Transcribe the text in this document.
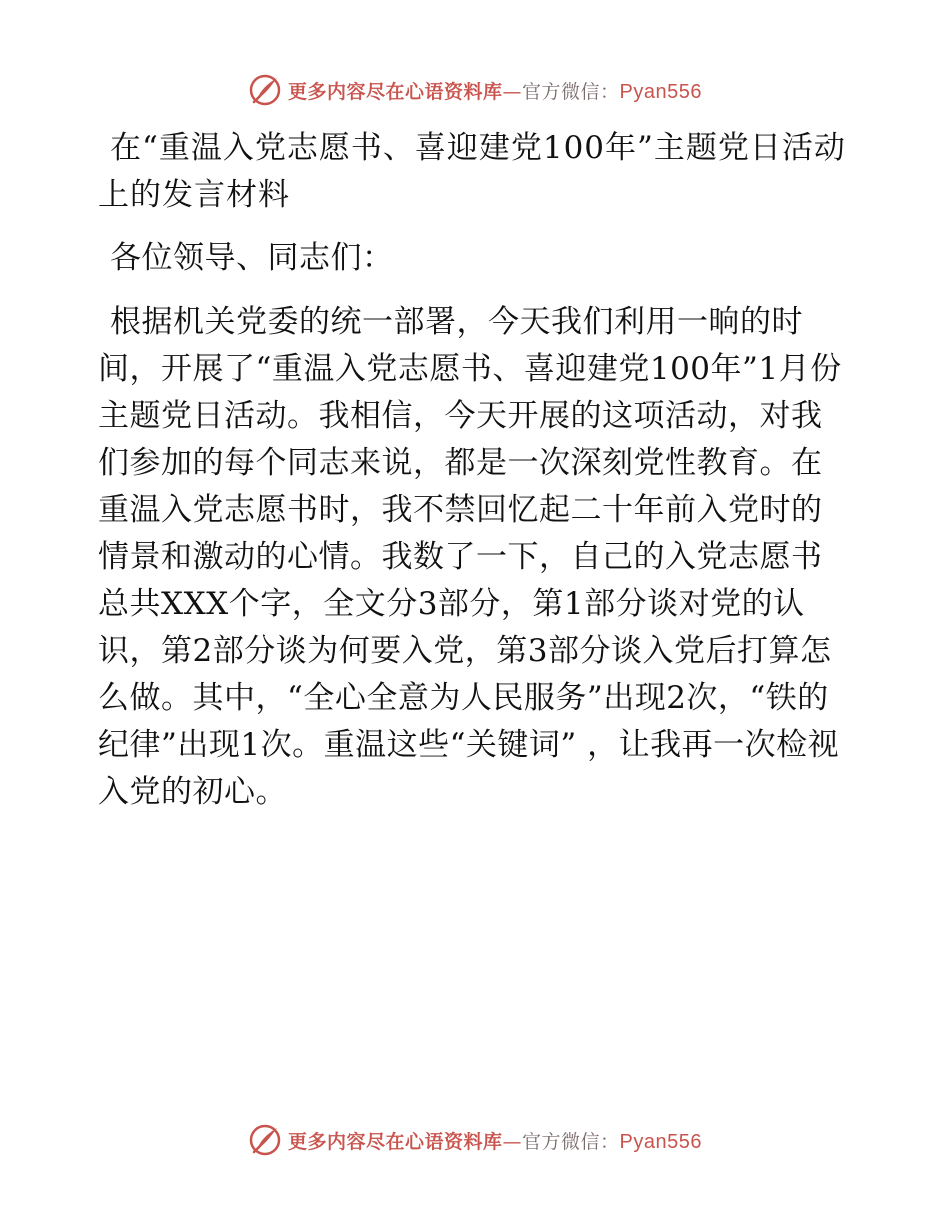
更多内容尽在心语资料库—官方微信：Pyan556
在“重温入党志愿书、喜迎建党100年”主题党日活动上的发言材料

各位领导、同志们：

根据机关党委的统一部署，今天我们利用一晌的时间，开展了“重温入党志愿书、喜迎建党100年”1月份主题党日活动。我相信，今天开展的这项活动，对我们参加的每个同志来说，都是一次深刻党性教育。在重温入党志愿书时，我不禁回忆起二十年前入党时的情景和激动的心情。我数了一下，自己的入党志愿书总共XXX个字，全文分3部分，第1部分谈对党的认识，第2部分谈为何要入党，第3部分谈入党后打算怎么做。其中，“全心全意为人民服务”出现2次，“铁的纪律”出现1次。重温这些“关键词” ，让我再一次检视入党的初心。

更多内容尽在心语资料库—官方微信：Pyan556
